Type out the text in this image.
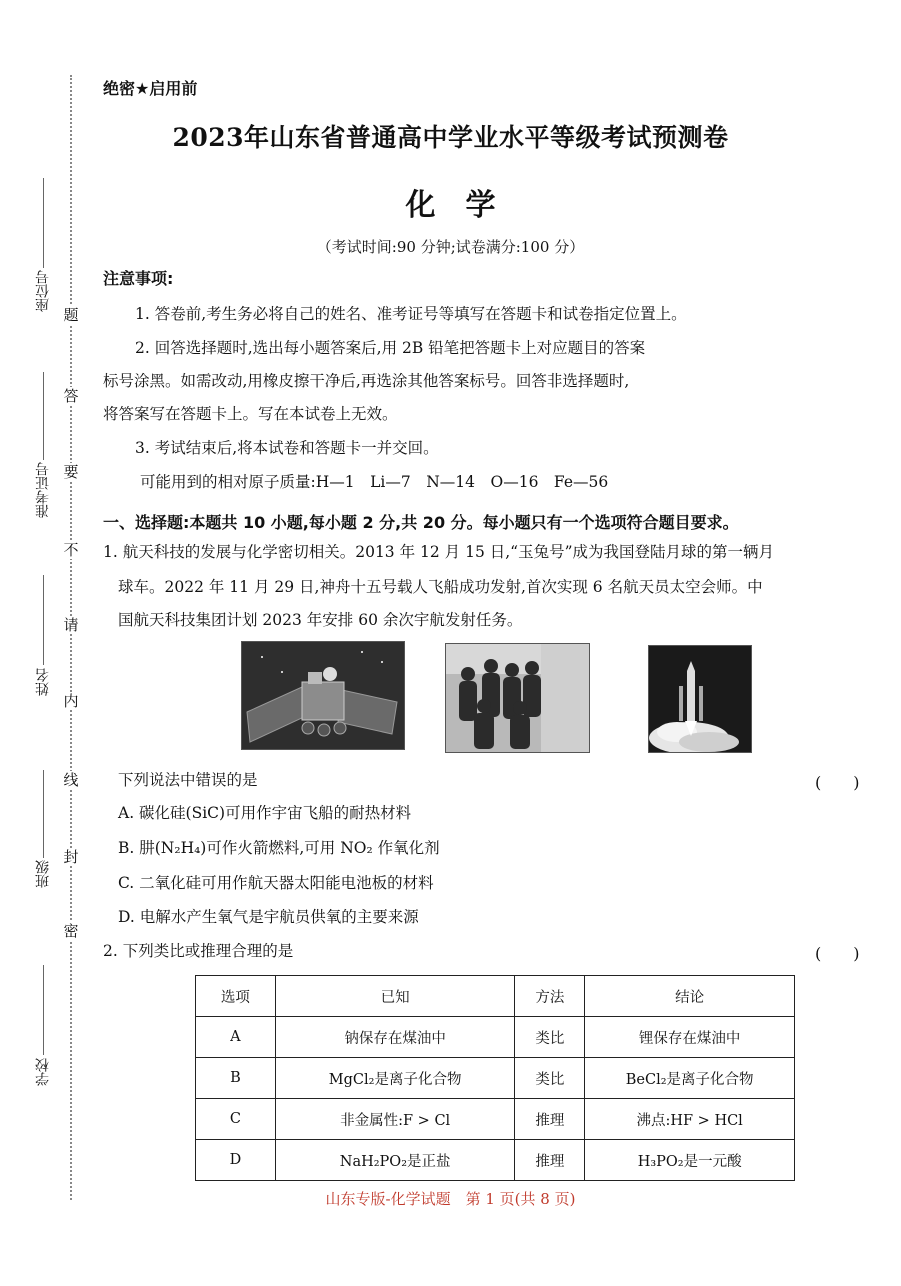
座位号
准考证号
姓名
班级
学校
题
答
要
不
请
内
线
封
密
绝密★启用前
2023年山东省普通高中学业水平等级考试预测卷
化　学
（考试时间:90 分钟;试卷满分:100 分）
注意事项:
1. 答卷前,考生务必将自己的姓名、准考证号等填写在答题卡和试卷指定位置上。
2. 回答选择题时,选出每小题答案后,用 2B 铅笔把答题卡上对应题目的答案
标号涂黑。如需改动,用橡皮擦干净后,再选涂其他答案标号。回答非选择题时,
将答案写在答题卡上。写在本试卷上无效。
3. 考试结束后,将本试卷和答题卡一并交回。
可能用到的相对原子质量:H—1　Li—7　N—14　O—16　Fe—56
一、选择题:本题共 10 小题,每小题 2 分,共 20 分。每小题只有一个选项符合题目要求。
1. 航天科技的发展与化学密切相关。2013 年 12 月 15 日,“玉兔号”成为我国登陆月球的第一辆月
球车。2022 年 11 月 29 日,神舟十五号载人飞船成功发射,首次实现 6 名航天员太空会师。中
国航天科技集团计划 2023 年安排 60 余次宇航发射任务。
下列说法中错误的是	(　　)
A. 碳化硅(SiC)可用作宇宙飞船的耐热材料
B. 肼(N₂H₄)可作火箭燃料,可用 NO₂ 作氧化剂
C. 二氧化硅可用作航天器太阳能电池板的材料
D. 电解水产生氧气是宇航员供氧的主要来源
2. 下列类比或推理合理的是	(　　)
选项	已知	方法	结论
A	钠保存在煤油中	类比	锂保存在煤油中
B	MgCl₂是离子化合物	类比	BeCl₂是离子化合物
C	非金属性:F > Cl	推理	沸点:HF > HCl
D	NaH₂PO₂是正盐	推理	H₃PO₂是一元酸
山东专版-化学试题　第 1 页(共 8 页)
